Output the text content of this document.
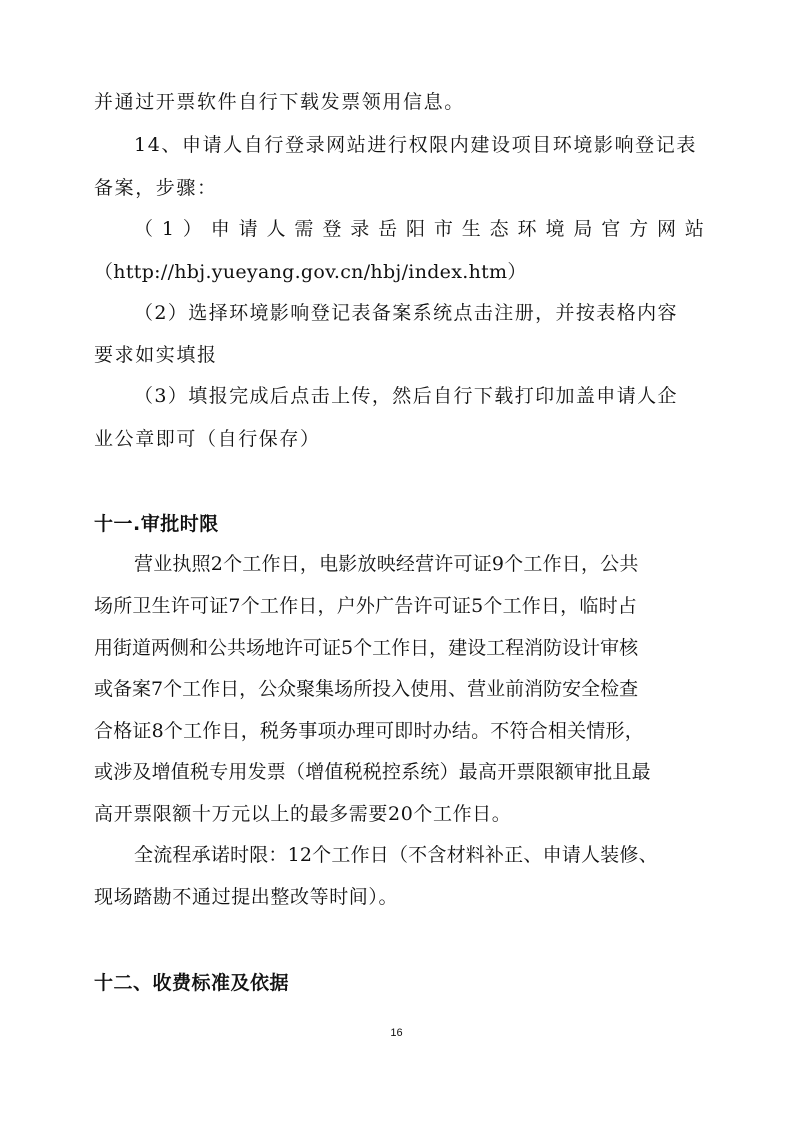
并通过开票软件自行下载发票领用信息。
14、申请人自行登录网站进行权限内建设项目环境影响登记表
备案，步骤：
（ 1 ） 申 请 人 需 登 录 岳 阳 市 生 态 环 境 局 官 方 网 站
（http://hbj.yueyang.gov.cn/hbj/index.htm）
（2）选择环境影响登记表备案系统点击注册，并按表格内容
要求如实填报
（3）填报完成后点击上传，然后自行下载打印加盖申请人企
业公章即可（自行保存）
十一.审批时限
营业执照2个工作日，电影放映经营许可证9个工作日，公共
场所卫生许可证7个工作日，户外广告许可证5个工作日，临时占
用街道两侧和公共场地许可证5个工作日，建设工程消防设计审核
或备案7个工作日，公众聚集场所投入使用、营业前消防安全检查
合格证8个工作日，税务事项办理可即时办结。不符合相关情形，
或涉及增值税专用发票（增值税税控系统）最高开票限额审批且最
高开票限额十万元以上的最多需要20个工作日。
全流程承诺时限：12个工作日（不含材料补正、申请人装修、
现场踏勘不通过提出整改等时间）。
十二、收费标准及依据
16
